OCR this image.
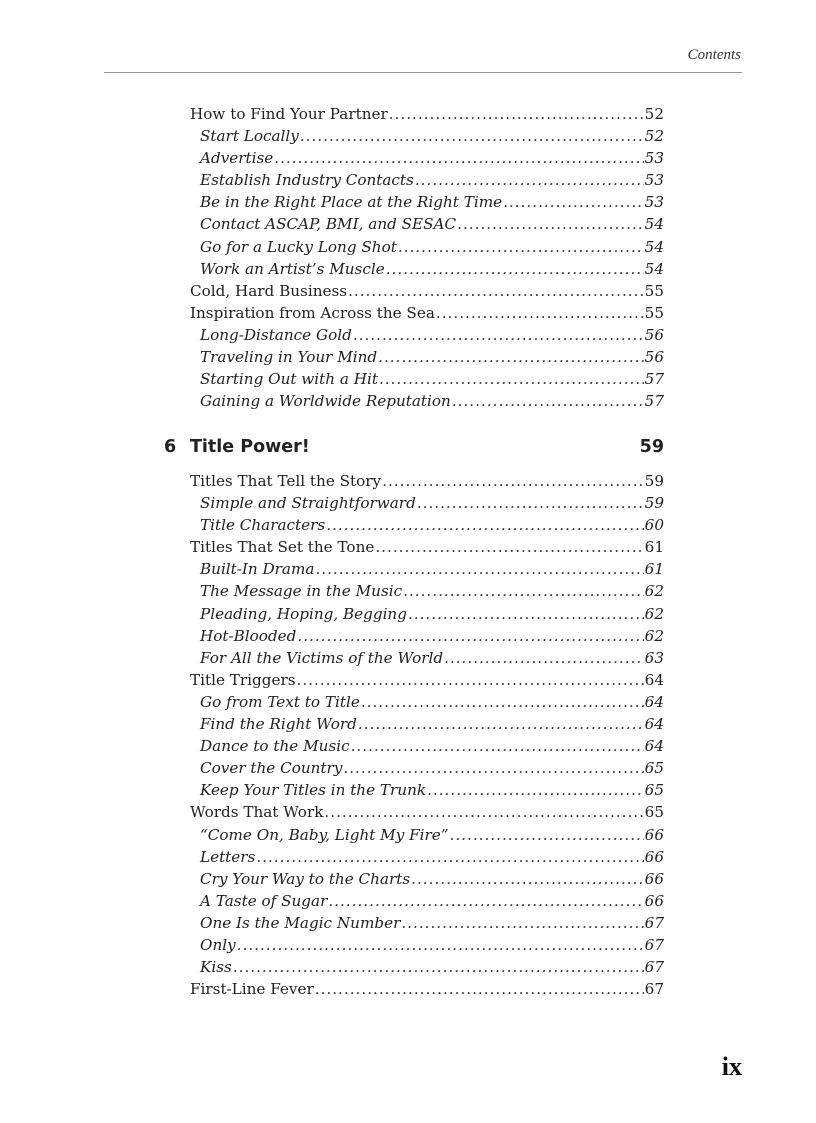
Contents
How to Find Your Partner .....	52
Start Locally .....	52
Advertise .....	53
Establish Industry Contacts .....	53
Be in the Right Place at the Right Time .....	53
Contact ASCAP, BMI, and SESAC .....	54
Go for a Lucky Long Shot .....	54
Work an Artist’s Muscle .....	54
Cold, Hard Business .....	55
Inspiration from Across the Sea .....	55
Long-Distance Gold .....	56
Traveling in Your Mind .....	56
Starting Out with a Hit .....	57
Gaining a Worldwide Reputation .....	57
6 Title Power!	59
Titles That Tell the Story .....	59
Simple and Straightforward .....	59
Title Characters .....	60
Titles That Set the Tone .....	61
Built-In Drama .....	61
The Message in the Music .....	62
Pleading, Hoping, Begging .....	62
Hot-Blooded .....	62
For All the Victims of the World .....	63
Title Triggers .....	64
Go from Text to Title .....	64
Find the Right Word .....	64
Dance to the Music .....	64
Cover the Country .....	65
Keep Your Titles in the Trunk .....	65
Words That Work .....	65
“Come On, Baby, Light My Fire” .....	66
Letters .....	66
Cry Your Way to the Charts .....	66
A Taste of Sugar .....	66
One Is the Magic Number .....	67
Only .....	67
Kiss .....	67
First-Line Fever .....	67
ix
